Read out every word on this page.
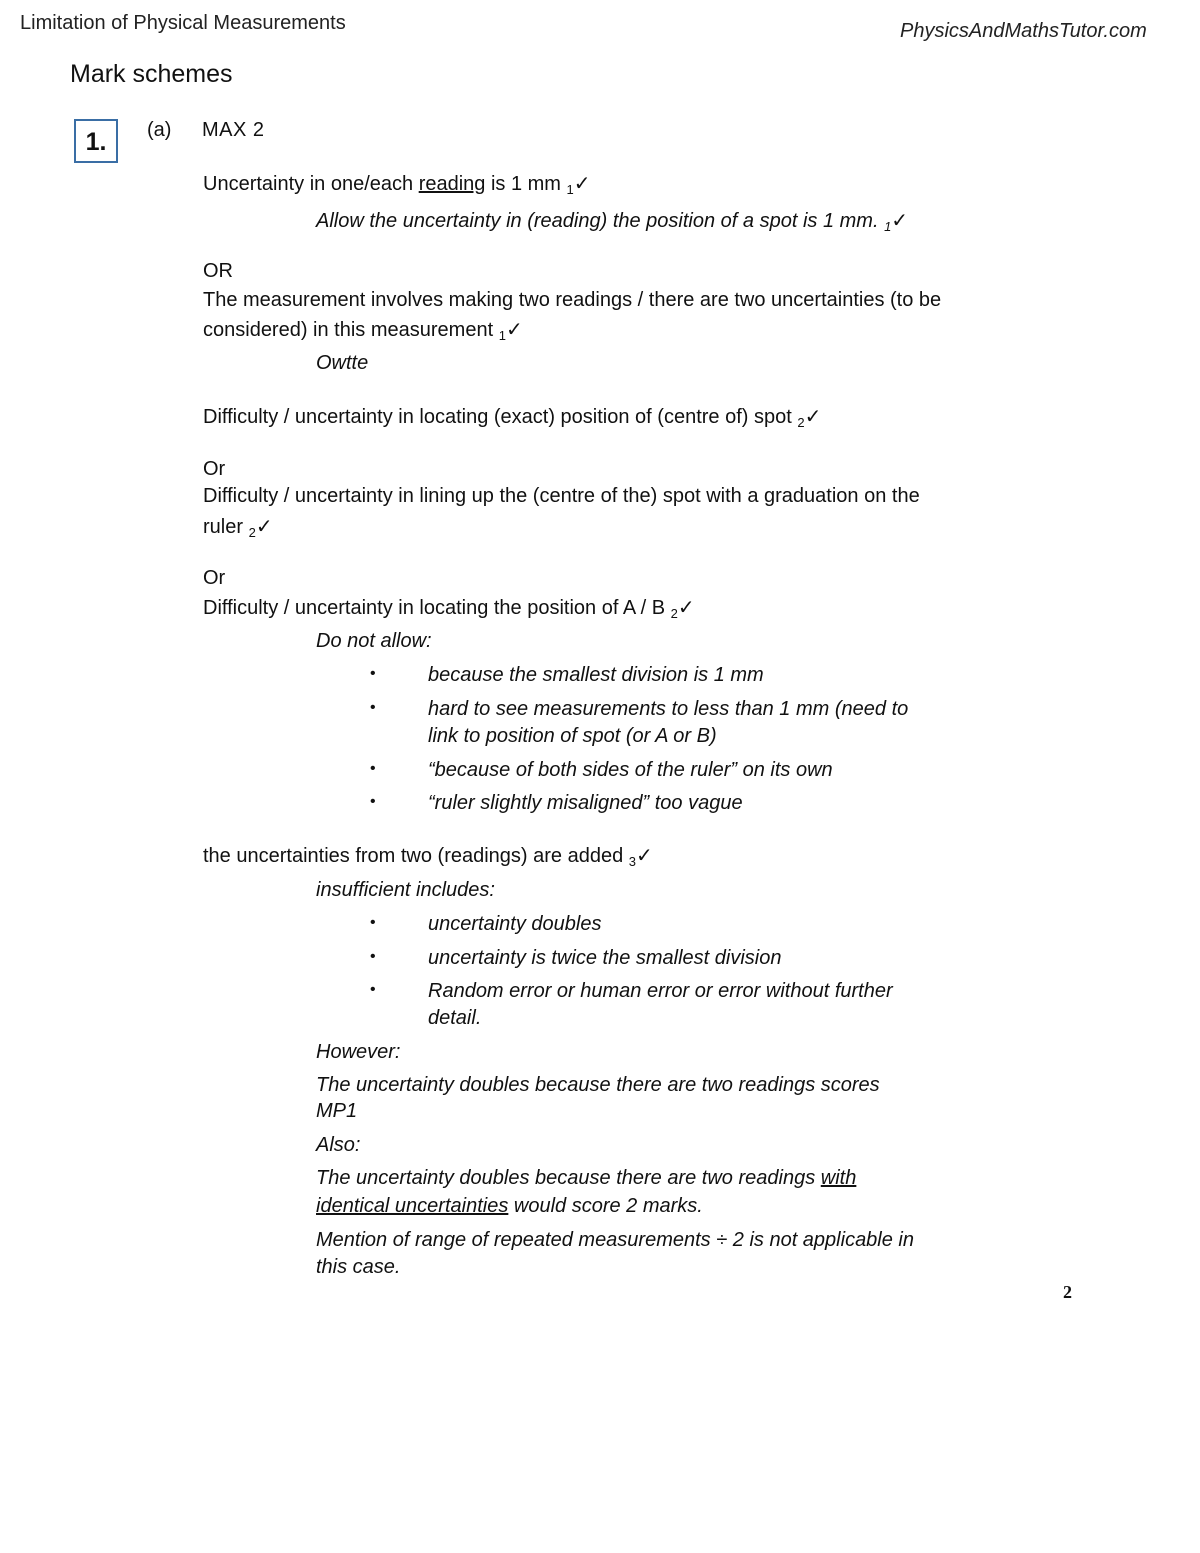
Limitation of Physical Measurements	PhysicsAndMathsTutor.com
Mark schemes
1.	(a) MAX 2
Uncertainty in one/each reading is 1 mm $_1$✓
Allow the uncertainty in (reading) the position of a spot is 1 mm. $_1$✓
OR
The measurement involves making two readings / there are two uncertainties (to be
considered) in this measurement $_1$✓
Owtte
Difficulty / uncertainty in locating (exact) position of (centre of) spot $_2$✓
Or
Difficulty / uncertainty in lining up the (centre of the) spot with a graduation on the
ruler $_2$✓
Or
Difficulty / uncertainty in locating the position of A / B $_2$✓
Do not allow:
•	because the smallest division is 1 mm
•	hard to see measurements to less than 1 mm (need to
link to position of spot (or A or B)
•	“because of both sides of the ruler” on its own
•	“ruler slightly misaligned” too vague
the uncertainties from two (readings) are added $_3$✓
insufficient includes:
•	uncertainty doubles
•	uncertainty is twice the smallest division
•	Random error or human error or error without further
detail.
However:
The uncertainty doubles because there are two readings scores
MP1
Also:
The uncertainty doubles because there are two readings with
identical uncertainties would score 2 marks.
Mention of range of repeated measurements ÷ 2 is not applicable in
this case.
2
